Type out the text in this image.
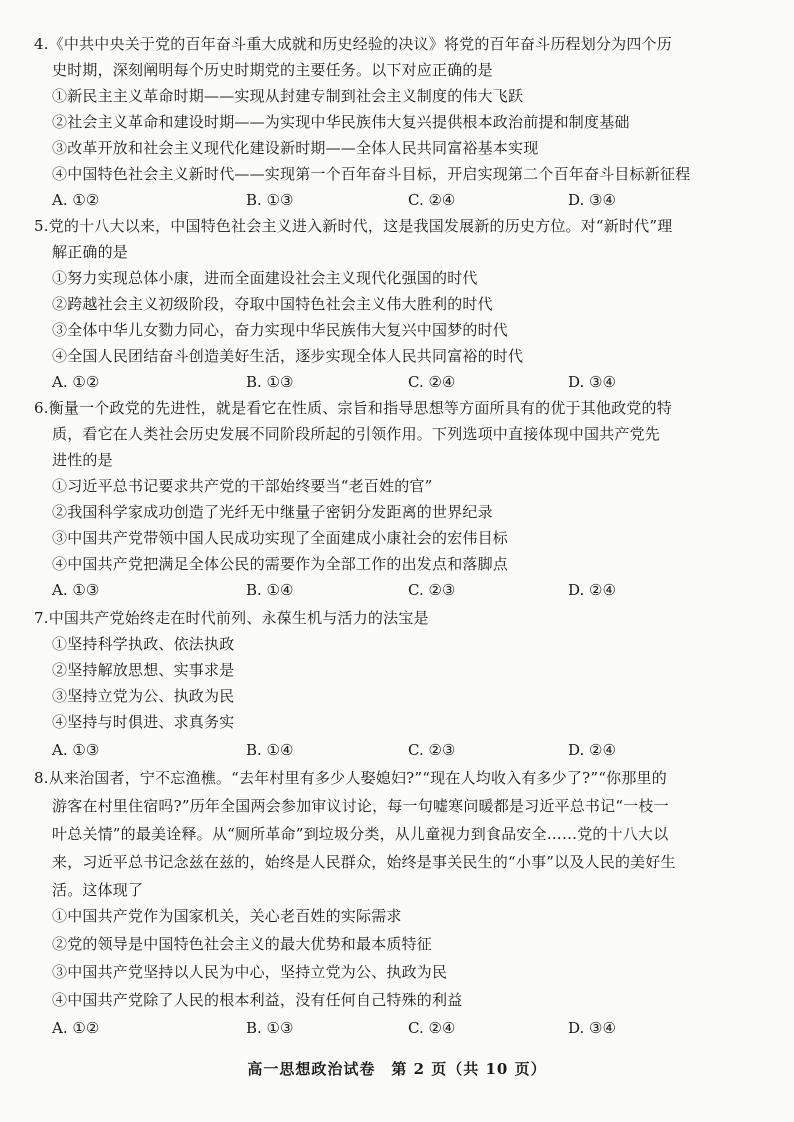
4.《中共中央关于党的百年奋斗重大成就和历史经验的决议》将党的百年奋斗历程划分为四个历
史时期，深刻阐明每个历史时期党的主要任务。以下对应正确的是
①新民主主义革命时期——实现从封建专制到社会主义制度的伟大飞跃
②社会主义革命和建设时期——为实现中华民族伟大复兴提供根本政治前提和制度基础
③改革开放和社会主义现代化建设新时期——全体人民共同富裕基本实现
④中国特色社会主义新时代——实现第一个百年奋斗目标，开启实现第二个百年奋斗目标新征程
A. ①②	B. ①③	C. ②④	D. ③④
5.党的十八大以来，中国特色社会主义进入新时代，这是我国发展新的历史方位。对“新时代”理
解正确的是
①努力实现总体小康，进而全面建设社会主义现代化强国的时代
②跨越社会主义初级阶段，夺取中国特色社会主义伟大胜利的时代
③全体中华儿女勠力同心，奋力实现中华民族伟大复兴中国梦的时代
④全国人民团结奋斗创造美好生活，逐步实现全体人民共同富裕的时代
A. ①②	B. ①③	C. ②④	D. ③④
6.衡量一个政党的先进性，就是看它在性质、宗旨和指导思想等方面所具有的优于其他政党的特
质，看它在人类社会历史发展不同阶段所起的引领作用。下列选项中直接体现中国共产党先
进性的是
①习近平总书记要求共产党的干部始终要当“老百姓的官”
②我国科学家成功创造了光纤无中继量子密钥分发距离的世界纪录
③中国共产党带领中国人民成功实现了全面建成小康社会的宏伟目标
④中国共产党把满足全体公民的需要作为全部工作的出发点和落脚点
A. ①③	B. ①④	C. ②③	D. ②④
7.中国共产党始终走在时代前列、永葆生机与活力的法宝是
①坚持科学执政、依法执政
②坚持解放思想、实事求是
③坚持立党为公、执政为民
④坚持与时俱进、求真务实
A. ①③	B. ①④	C. ②③	D. ②④
8.从来治国者，宁不忘渔樵。“去年村里有多少人娶媳妇?”“现在人均收入有多少了?”“你那里的
游客在村里住宿吗?”历年全国两会参加审议讨论，每一句嘘寒问暖都是习近平总书记“一枝一
叶总关情”的最美诠释。从“厕所革命”到垃圾分类，从儿童视力到食品安全……党的十八大以
来，习近平总书记念兹在兹的，始终是人民群众，始终是事关民生的“小事”以及人民的美好生
活。这体现了
①中国共产党作为国家机关，关心老百姓的实际需求
②党的领导是中国特色社会主义的最大优势和最本质特征
③中国共产党坚持以人民为中心，坚持立党为公、执政为民
④中国共产党除了人民的根本利益，没有任何自己特殊的利益
A. ①②	B. ①③	C. ②④	D. ③④
高一思想政治试卷　第 2 页（共 10 页）
